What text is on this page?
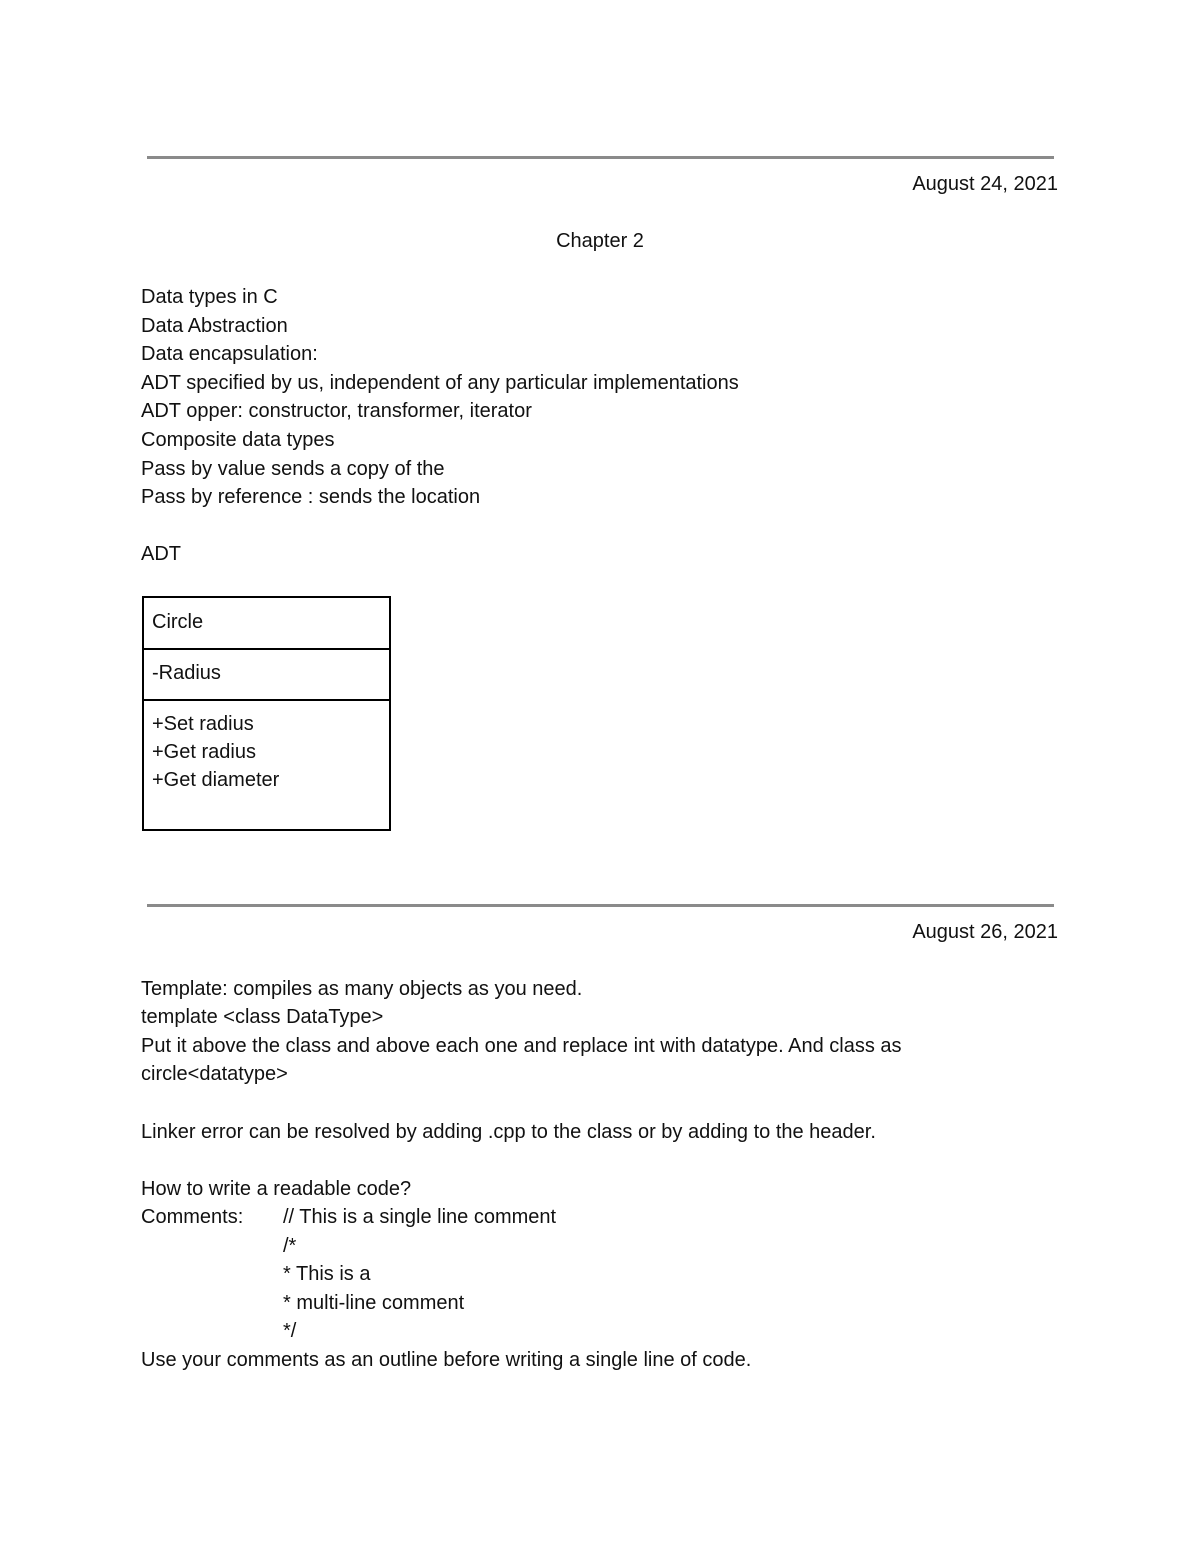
August 24, 2021
Chapter 2
Data types in C
Data Abstraction
Data encapsulation:
ADT specified by us, independent of any particular implementations
ADT opper: constructor, transformer, iterator
Composite data types
Pass by value sends a copy of the
Pass by reference : sends the location
ADT
Circle
-Radius
+Set radius
+Get radius
+Get diameter
August 26, 2021
Template: compiles as many objects as you need.
template <class DataType>
Put it above the class and above each one and replace int with datatype. And class as
circle<datatype>
Linker error can be resolved by adding .cpp to the class or by adding to the header.
How to write a readable code?
Comments: // This is a single line comment
/*
* This is a
* multi-line comment
*/
Use your comments as an outline before writing a single line of code.
